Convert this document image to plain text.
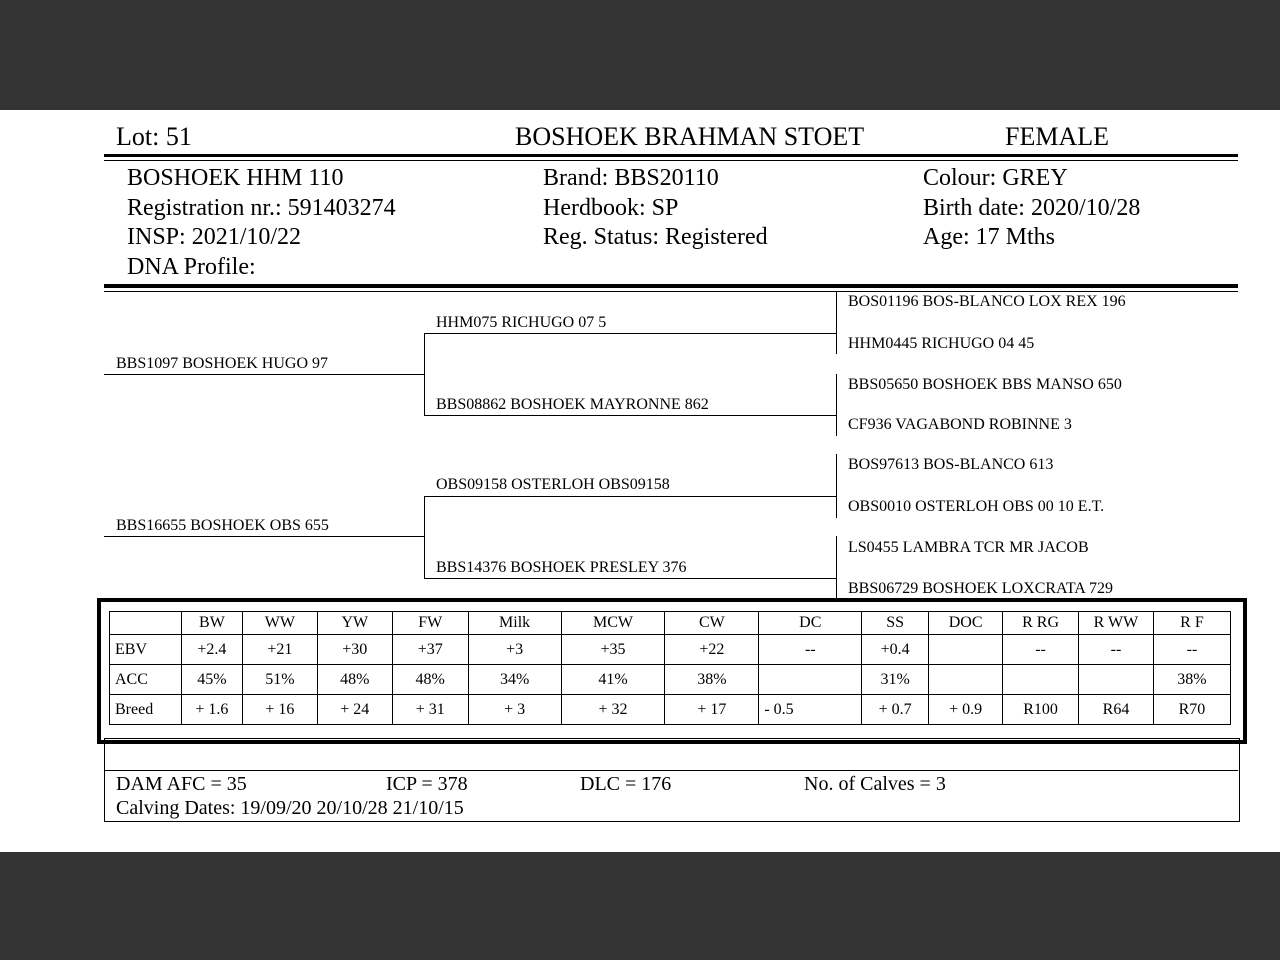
Lot: 51	BOSHOEK BRAHMAN STOET	FEMALE
BOSHOEK HHM 110
Registration nr.: 591403274
INSP: 2021/10/22
DNA Profile:
Brand: BBS20110
Herdbook: SP
Reg. Status: Registered
Colour: GREY
Birth date: 2020/10/28
Age: 17 Mths
BBS1097 BOSHOEK HUGO 97
BBS16655 BOSHOEK OBS 655
HHM075 RICHUGO 07 5
BBS08862 BOSHOEK MAYRONNE 862
OBS09158 OSTERLOH OBS09158
BBS14376 BOSHOEK PRESLEY 376
BOS01196 BOS-BLANCO LOX REX 196
HHM0445 RICHUGO 04 45
BBS05650 BOSHOEK BBS MANSO 650
CF936 VAGABOND ROBINNE 3
BOS97613 BOS-BLANCO 613
OBS0010 OSTERLOH OBS 00 10 E.T.
LS0455 LAMBRA TCR MR JACOB
BBS06729 BOSHOEK LOXCRATA 729
	BW	WW	YW	FW	Milk	MCW	CW	DC	SS	DOC	R RG	R WW	R F
EBV	+2.4	+21	+30	+37	+3	+35	+22	--	+0.4		--	--	--
ACC	45%	51%	48%	48%	34%	41%	38%		31%				38%
Breed	+ 1.6	+ 16	+ 24	+ 31	+ 3	+ 32	+ 17	- 0.5	+ 0.7	+ 0.9	R100	R64	R70
DAM AFC = 35	ICP = 378	DLC = 176	No. of Calves = 3
Calving Dates: 19/09/20 20/10/28 21/10/15
